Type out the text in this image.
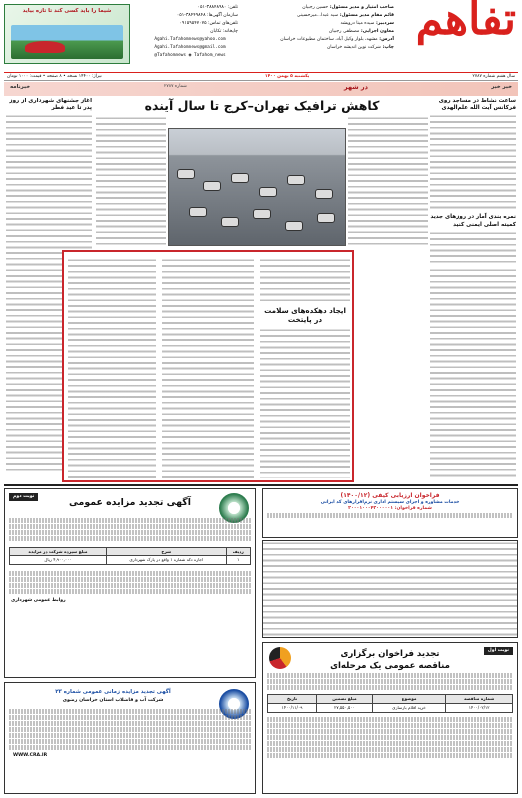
تفاهم
صاحب امتیاز و مدیر مسئول: حسین رجبیان
قائم مقام مدیر مسئول: سید عبدا...میرحسینی
سردبیر: سیده مینا درویشد
معاون اجرایی: مصطفی رجبیان
آدرس: مشهد، بلوار وکیل آباد، ساختمان مطبوعات خراسان
چاپ: شرکت نوین اندیشه خراسان
تلفن: ۳۸۸۴۸۹۸۰-۰۵۱
سازمان آگهی‌ها: ۳۸۴۴۹۸۴۸-۰۵۱
تلفن‌های تماس: ۰۹۱۵۹۵۴۷۰۷۵
چاپخانه: تکابان
Agahi.Tafahomnews@yahoo.com
Agahi.Tafahomnews@gmail.com
@Tafahomnews ◉ Tafahom_news
شیما را باید کسی کند تا تازه بیاید
سال هفتم شماره ۲۷۸۷
یکشنبه ۵ بهمن ۱۴۰۰
تیراژ: ۱۴۴۰۰ نسخه • ۸ صفحه • قیمت: ۱۰۰۰ تومان
خبر خبر
در شهر
شماره ۲۷۸۷
خبرنامه
ساعت نشاط در مساجد روی فرکانس آیت الله علم‌الهدی
نمره بندی آمار در روزهای جدید کمیته اصلی ایمنی کنید
کاهش ترافیک تهران–کرج تا سال آینده
آغاز جشنهای شهرداری از روز پدر تا عید فطر
ایجاد دهکده‌های سلامت در پایتخت
نوبت دوم
آگهی تجدید مزایده عمومی
ردیف	شرح	مبلغ سپرده شرکت در مزایده
۱	اجاره دکه شماره ۱ واقع در پارک شهرداری	۴,۹۰۰,۰۰۰ ریال
روابط عمومی شهرداری
آگهی تجدید مزایده زمانی عمومی شماره ۲۳
شرکت آب و فاضلاب استان خراسان رضوی
WWW.CRA.IR
فراخوان ارزیابی کیفی (۱۴۰۰/۱۲)
خدمات مشاوره و اجرای سیستم اداری نرم‌افزارهای کد ایرانی
شماره فراخوان: ۲۰۰۰۱۰۰۰۴۲۰۰۰۰۰۱
نوبت اول
تجدید فراخوان برگزاری
مناقصه عمومی یک مرحله‌ای
شماره مناقصه	موضوع	مبلغ تضمین	تاریخ
۱۴۰۰/۰۲/۱۲	خرید اقلام بازسازی	۲۷,۵۵۰,۵۰۰	۱۴۰۰/۱۱/۰۹
